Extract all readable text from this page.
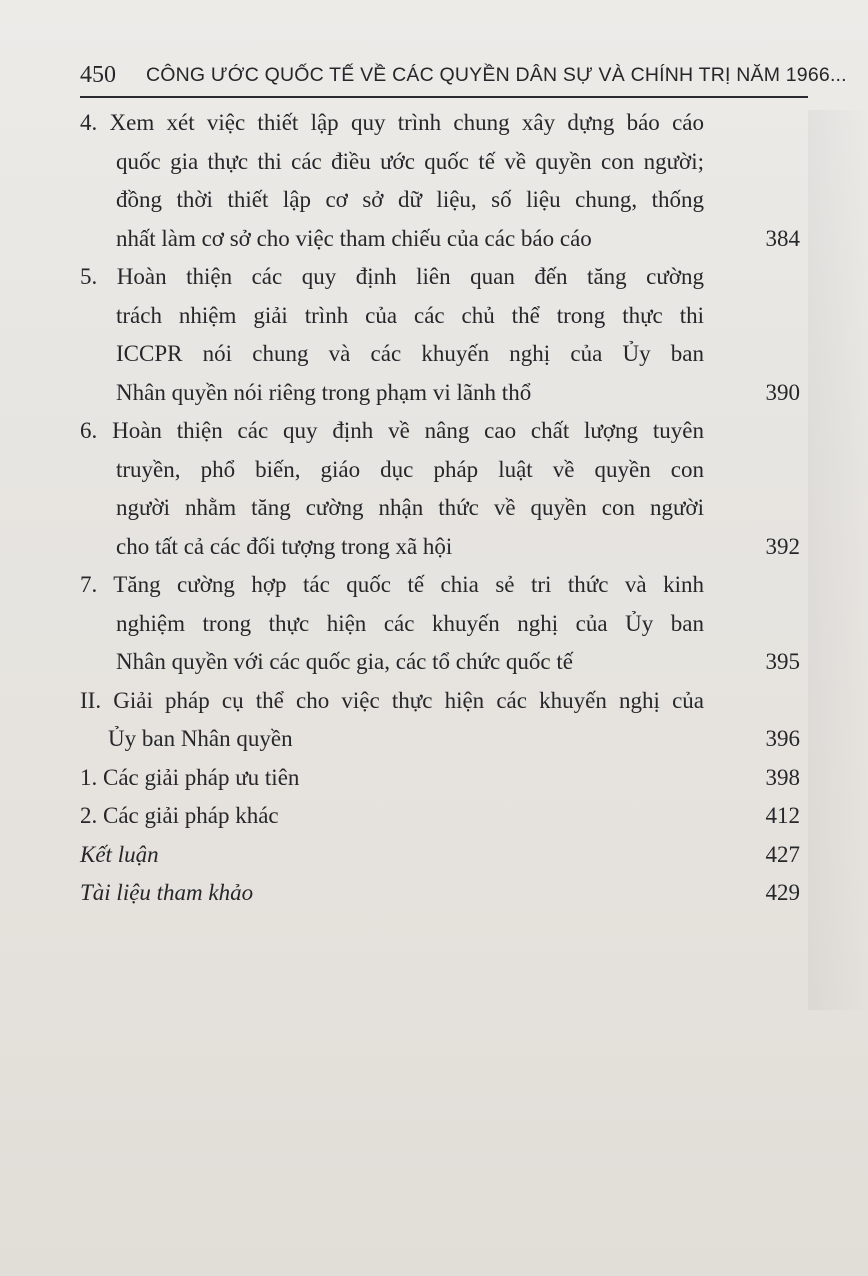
450 CÔNG ƯỚC QUỐC TẾ VỀ CÁC QUYỀN DÂN SỰ VÀ CHÍNH TRỊ NĂM 1966...
4. Xem xét việc thiết lập quy trình chung xây dựng báo cáo
quốc gia thực thi các điều ước quốc tế về quyền con người;
đồng thời thiết lập cơ sở dữ liệu, số liệu chung, thống
nhất làm cơ sở cho việc tham chiếu của các báo cáo	384
5. Hoàn thiện các quy định liên quan đến tăng cường
trách nhiệm giải trình của các chủ thể trong thực thi
ICCPR nói chung và các khuyến nghị của Ủy ban
Nhân quyền nói riêng trong phạm vi lãnh thổ	390
6. Hoàn thiện các quy định về nâng cao chất lượng tuyên
truyền, phổ biến, giáo dục pháp luật về quyền con
người nhằm tăng cường nhận thức về quyền con người
cho tất cả các đối tượng trong xã hội	392
7. Tăng cường hợp tác quốc tế chia sẻ tri thức và kinh
nghiệm trong thực hiện các khuyến nghị của Ủy ban
Nhân quyền với các quốc gia, các tổ chức quốc tế	395
II. Giải pháp cụ thể cho việc thực hiện các khuyến nghị của
Ủy ban Nhân quyền	396
1. Các giải pháp ưu tiên	398
2. Các giải pháp khác	412
Kết luận	427
Tài liệu tham khảo	429
